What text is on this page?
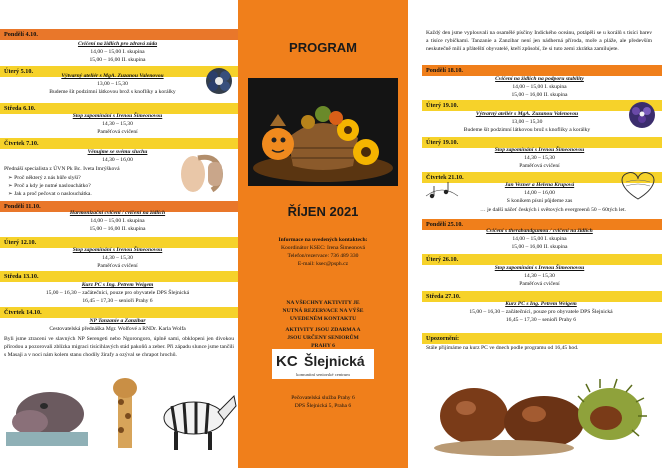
Pondělí 4.10.
Cvičení na židlích pro zdravá záda
14,00 – 15,00 I. skupina
15,00 – 16,00 II. skupina
Úterý 5.10.
Výtvarný ateliér s MgA. Zuzanou Valenovou
13,00 – 15,30
Budeme šít podzimní látkovou brož s knoflíky a korálky
Středa 6.10.
Stop zapomínání s Irenou Šimeonovou
14,30 – 15,30
Paměťová cvičení
Čtvrtek 7.10.
Věnujme se svému sluchu
14,30 – 16,00
Přednáší specialista z ÚVN Pk Bc. Iveta Imrýšková
➢ Proč některý z nás hůře slyší?
➢ Proč a kdy je nutné naslouchátko?
➢ Jak a proč pečovat o naslouchátka.
Pondělí 11.10.
Harmonizační cvičení / cvičení na židlích
14,00 – 15,00 I. skupina
15,00 – 16,00 II. skupina
Úterý 12.10.
Stop zapomínání s Irenou Šimeonovou
14,30 – 15,30
Paměťová cvičení
Středa 13.10.
Kurz PC s Ing. Petrem Weigem
15,00 – 16,30 – začátečníci, pouze pro obyvatele DPS Šlejnická
16,45 – 17,30 – senioři Prahy 6
Čtvrtek 14.10.
NP Tanzanie a Zanzibar
Cestovatelská přednáška Mgr. Wolfové a RNDr. Karla Wolfa
Byli jsme ztraceni ve slavných NP Serengeti nebo Ngorongoro, úplně sami, obklopeni jen divokou přírodou a pozorovali zblízka migraci tisícihlavých stád pakoňů a zeber. Při západu slunce jsme tančili s Masaji a v noci nám kolem stanu chodily žirafy a ozýval se chrapot hrochů.
PROGRAM
ŘÍJEN 2021
Informace na uvedených kontaktech:
Koordinátor KSEC: Irena Šimeonová
Telefon/rezervace: 736 489 330
E-mail: ksec@psph.cz
NA VŠECHNY AKTIVITY JE NUTNÁ REZERVACE NA VÝŠE UVEDENÉM KONTAKTU
AKTIVITY JSOU ZDARMA A JSOU URČENY SENIORŮM PRAHY 6
KC Šlejnická
komunitní seniorské centrum
Pečovatelská služba Prahy 6
DPS Šlejnická 5, Praha 6
Každý den jsme vyplouvali na osamělé písčiny Indického oceánu, potápěli se u korálů s tisíci barev a tisíce rybičkami. Tanzanie a Zanzibar není jen nádherná příroda, moře a pláže, ale především neskutečně milí a přátelští obyvatelé, kteří způsobí, že si tuto zemi zkrátka zamilujete.
Pondělí 18.10.
Cvičení na židlích na podporu stability
14,00 – 15,00 I. skupina
15,00 – 16,00 II. skupina
Úterý 19.10.
Výtvarný ateliér s MgA. Zuzanou Valenovou
13,00 – 15,30
Budeme šít podzimní látkovou brož s knoflíky a korálky
Úterý 19.10.
Stop zapomínání s Irenou Šimeonovou
14,30 – 15,30
Paměťová cvičení
Čtvrtek 21.10.
Jan Vezner a Helena Krupová
14,00 – 16,00
S koníkem písní půjdeme zas
… je další náčeť českých i světových evergreenů 50 – 60tých let.
Pondělí 25.10.
Cvičení s therabandgumou / cvičení na židlích
14,00 – 15,00 I. skupina
15,00 – 16,00 II. skupina
Úterý 26.10.
Stop zapomínání s Irenou Šimeonovou
14,30 – 15,30
Paměťová cvičení
Středa 27.10.
Kurz PC s Ing. Petrem Weigem
15,00 – 16,30 – začátečníci, pouze pro obyvatele DPS Šlejnická
16,45 – 17,30 – senioři Prahy 6
Upozornění:
Stále přijímáme na kurz PC ve dnech podle programu od 16,45 hod.
